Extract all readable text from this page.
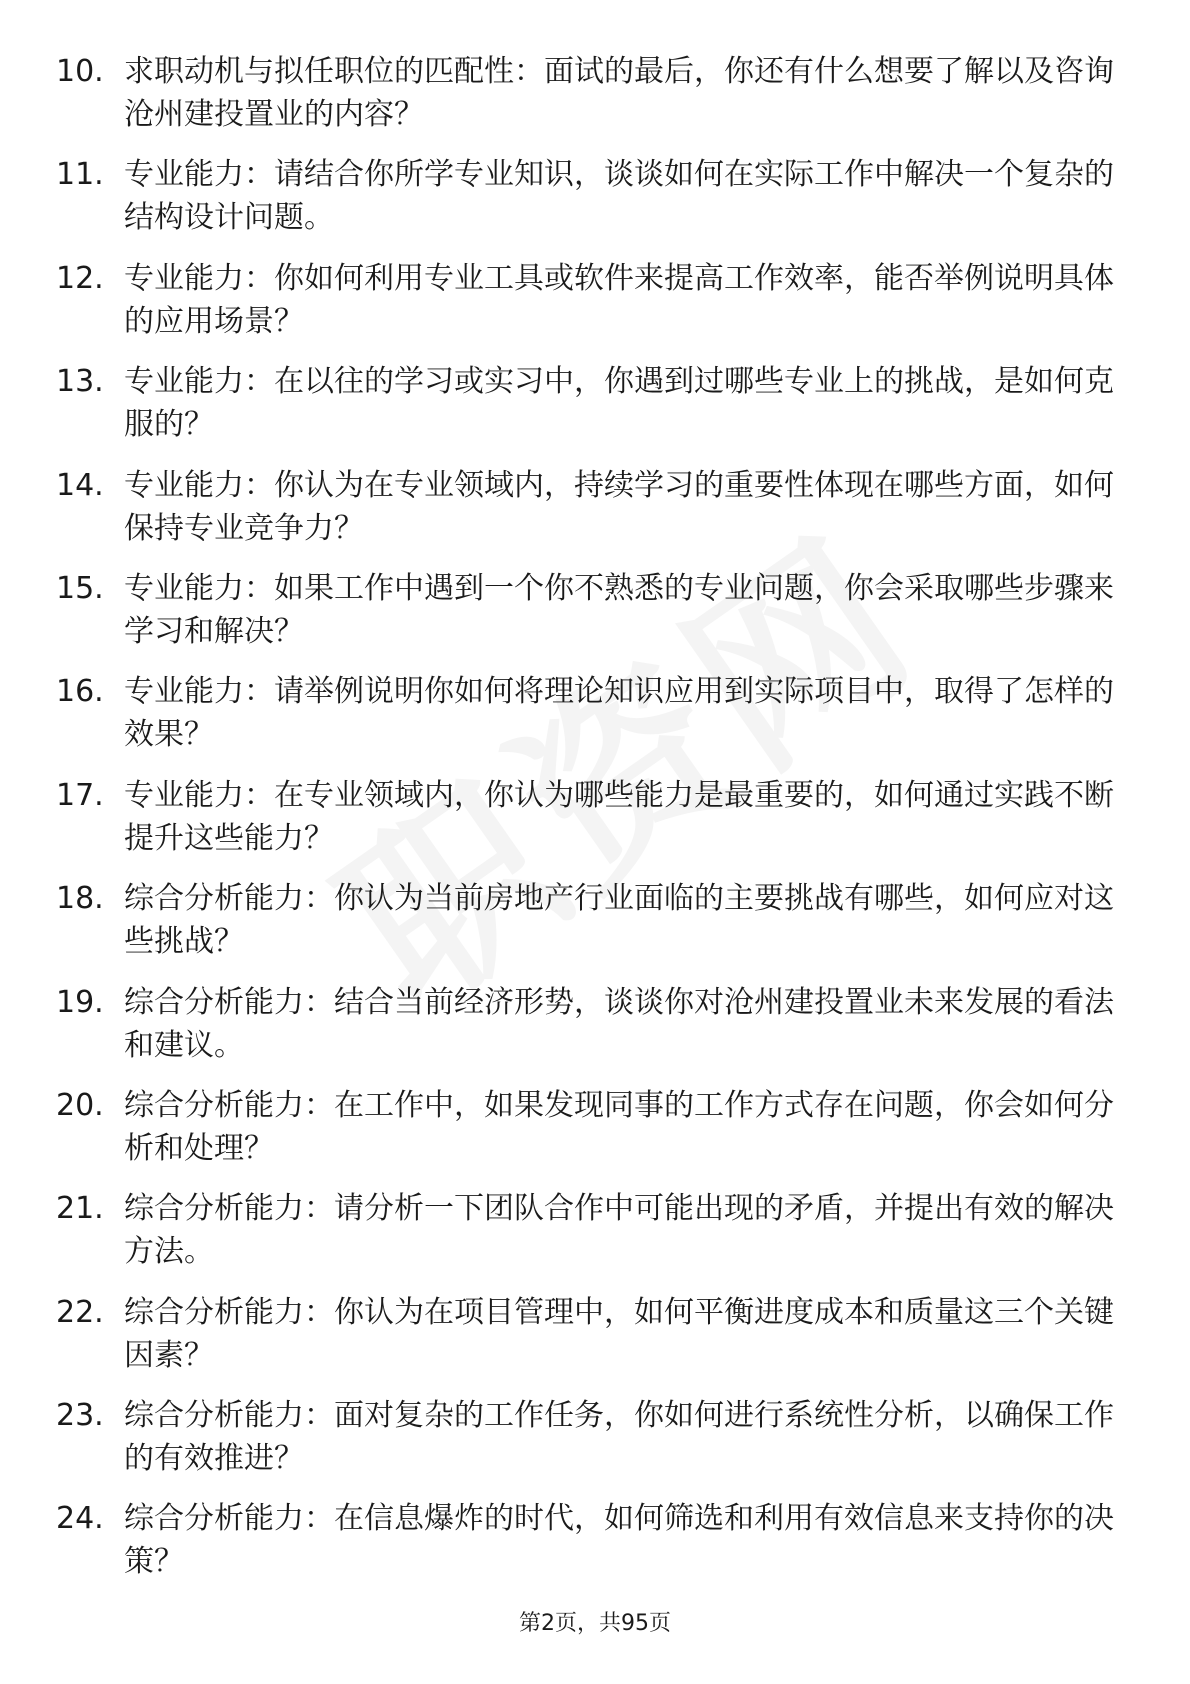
10. 求职动机与拟任职位的匹配性：面试的最后，你还有什么想要了解以及咨询沧州建投置业的内容？
11. 专业能力：请结合你所学专业知识，谈谈如何在实际工作中解决一个复杂的结构设计问题。
12. 专业能力：你如何利用专业工具或软件来提高工作效率，能否举例说明具体的应用场景？
13. 专业能力：在以往的学习或实习中，你遇到过哪些专业上的挑战，是如何克服的？
14. 专业能力：你认为在专业领域内，持续学习的重要性体现在哪些方面，如何保持专业竞争力？
15. 专业能力：如果工作中遇到一个你不熟悉的专业问题，你会采取哪些步骤来学习和解决？
16. 专业能力：请举例说明你如何将理论知识应用到实际项目中，取得了怎样的效果？
17. 专业能力：在专业领域内，你认为哪些能力是最重要的，如何通过实践不断提升这些能力？
18. 综合分析能力：你认为当前房地产行业面临的主要挑战有哪些，如何应对这些挑战？
19. 综合分析能力：结合当前经济形势，谈谈你对沧州建投置业未来发展的看法和建议。
20. 综合分析能力：在工作中，如果发现同事的工作方式存在问题，你会如何分析和处理？
21. 综合分析能力：请分析一下团队合作中可能出现的矛盾，并提出有效的解决方法。
22. 综合分析能力：你认为在项目管理中，如何平衡进度成本和质量这三个关键因素？
23. 综合分析能力：面对复杂的工作任务，你如何进行系统性分析，以确保工作的有效推进？
24. 综合分析能力：在信息爆炸的时代，如何筛选和利用有效信息来支持你的决策？
第2页，共95页
